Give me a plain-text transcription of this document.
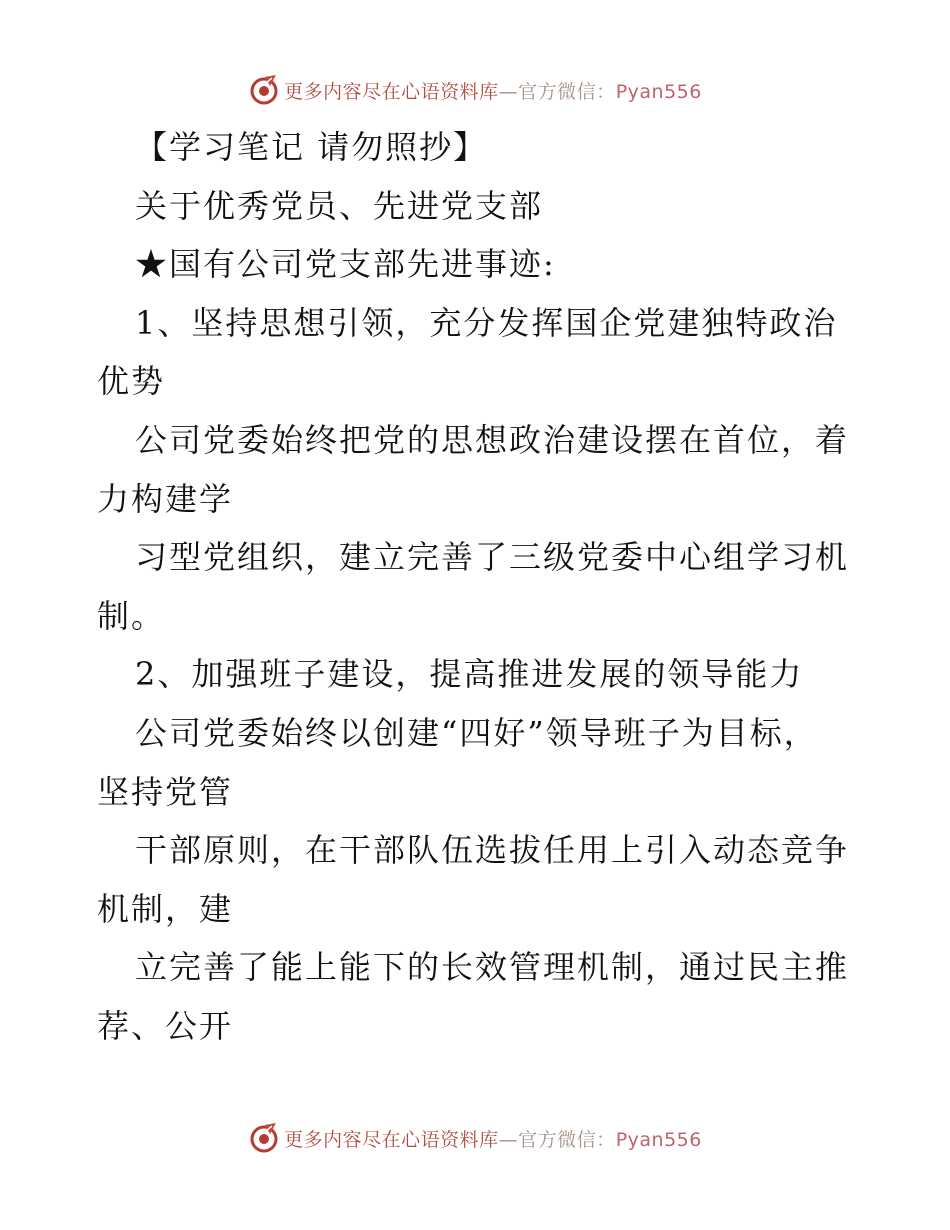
更多内容尽在心语资料库—官方微信：Pyan556
【学习笔记 请勿照抄】
关于优秀党员、先进党支部
★国有公司党支部先进事迹:
1、坚持思想引领，充分发挥国企党建独特政治
优势
公司党委始终把党的思想政治建设摆在首位，着
力构建学
习型党组织，建立完善了三级党委中心组学习机
制。
2、加强班子建设，提高推进发展的领导能力
公司党委始终以创建“四好”领导班子为目标，
坚持党管
干部原则，在干部队伍选拔任用上引入动态竞争
机制，建
立完善了能上能下的长效管理机制，通过民主推
荐、公开
更多内容尽在心语资料库—官方微信：Pyan556
